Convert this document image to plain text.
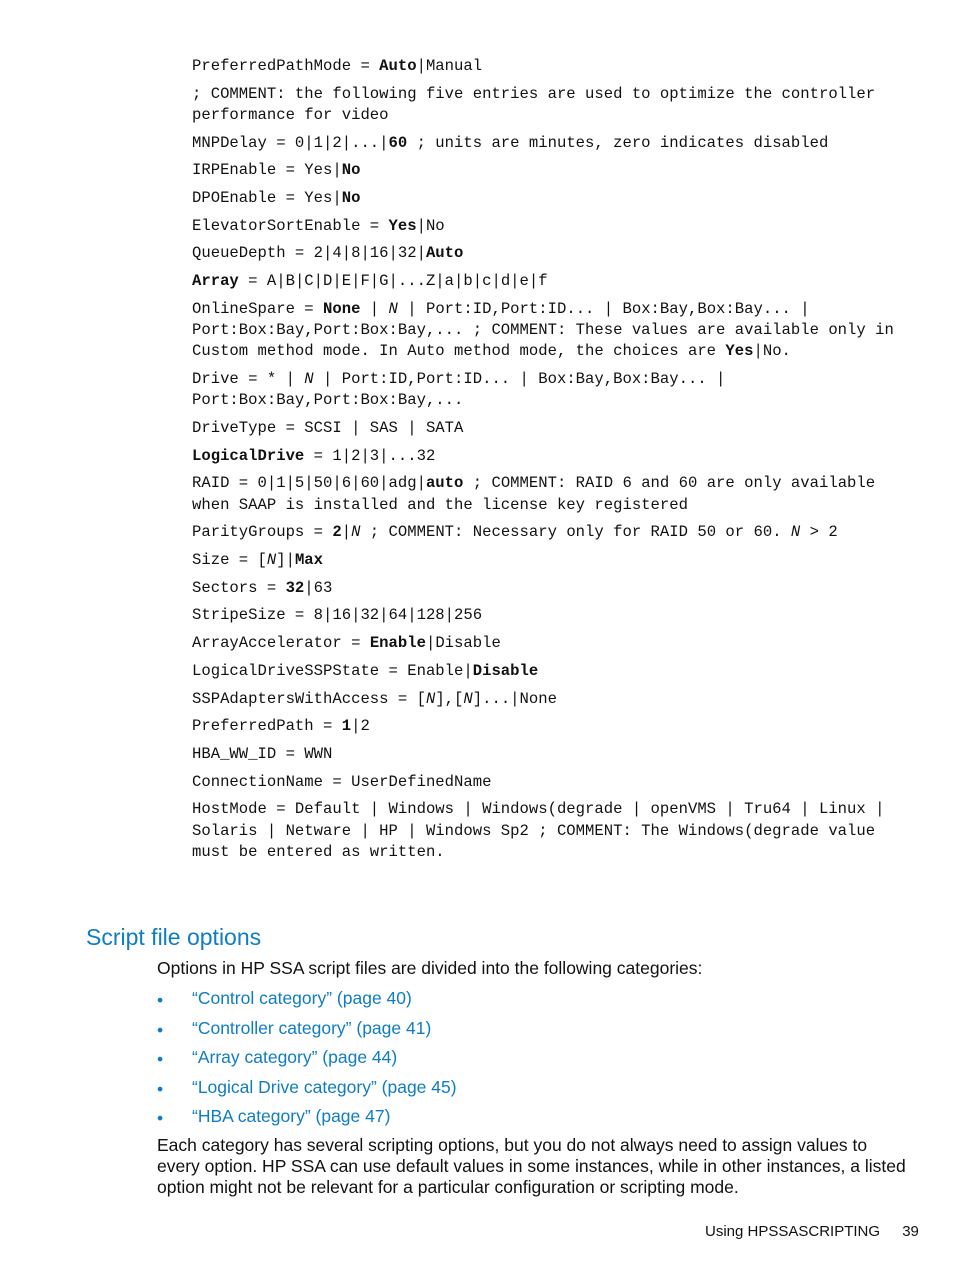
PreferredPathMode = Auto|Manual

; COMMENT: the following five entries are used to optimize the controller performance for video

MNPDelay = 0|1|2|...|60 ; units are minutes, zero indicates disabled

IRPEnable = Yes|No

DPOEnable = Yes|No

ElevatorSortEnable = Yes|No

QueueDepth = 2|4|8|16|32|Auto

Array = A|B|C|D|E|F|G|...Z|a|b|c|d|e|f

OnlineSpare = None | N | Port:ID,Port:ID... | Box:Bay,Box:Bay... | Port:Box:Bay,Port:Box:Bay,... ; COMMENT: These values are available only in Custom method mode. In Auto method mode, the choices are Yes|No.

Drive = * | N | Port:ID,Port:ID... | Box:Bay,Box:Bay... | Port:Box:Bay,Port:Box:Bay,...

DriveType = SCSI | SAS | SATA

LogicalDrive = 1|2|3|...32

RAID = 0|1|5|50|6|60|adg|auto ; COMMENT: RAID 6 and 60 are only available when SAAP is installed and the license key registered

ParityGroups = 2|N ; COMMENT: Necessary only for RAID 50 or 60. N > 2

Size = [N]|Max

Sectors = 32|63

StripeSize = 8|16|32|64|128|256

ArrayAccelerator = Enable|Disable

LogicalDriveSSPState = Enable|Disable

SSPAdaptersWithAccess = [N],[N]...|None

PreferredPath = 1|2

HBA_WW_ID = WWN

ConnectionName = UserDefinedName

HostMode = Default | Windows | Windows(degrade | openVMS | Tru64 | Linux | Solaris | Netware | HP | Windows Sp2 ; COMMENT: The Windows(degrade value must be entered as written.

Script file options

Options in HP SSA script files are divided into the following categories:

• “Control category” (page 40)
• “Controller category” (page 41)
• “Array category” (page 44)
• “Logical Drive category” (page 45)
• “HBA category” (page 47)

Each category has several scripting options, but you do not always need to assign values to every option. HP SSA can use default values in some instances, while in other instances, a listed option might not be relevant for a particular configuration or scripting mode.

Using HPSSASCRIPTING 39
